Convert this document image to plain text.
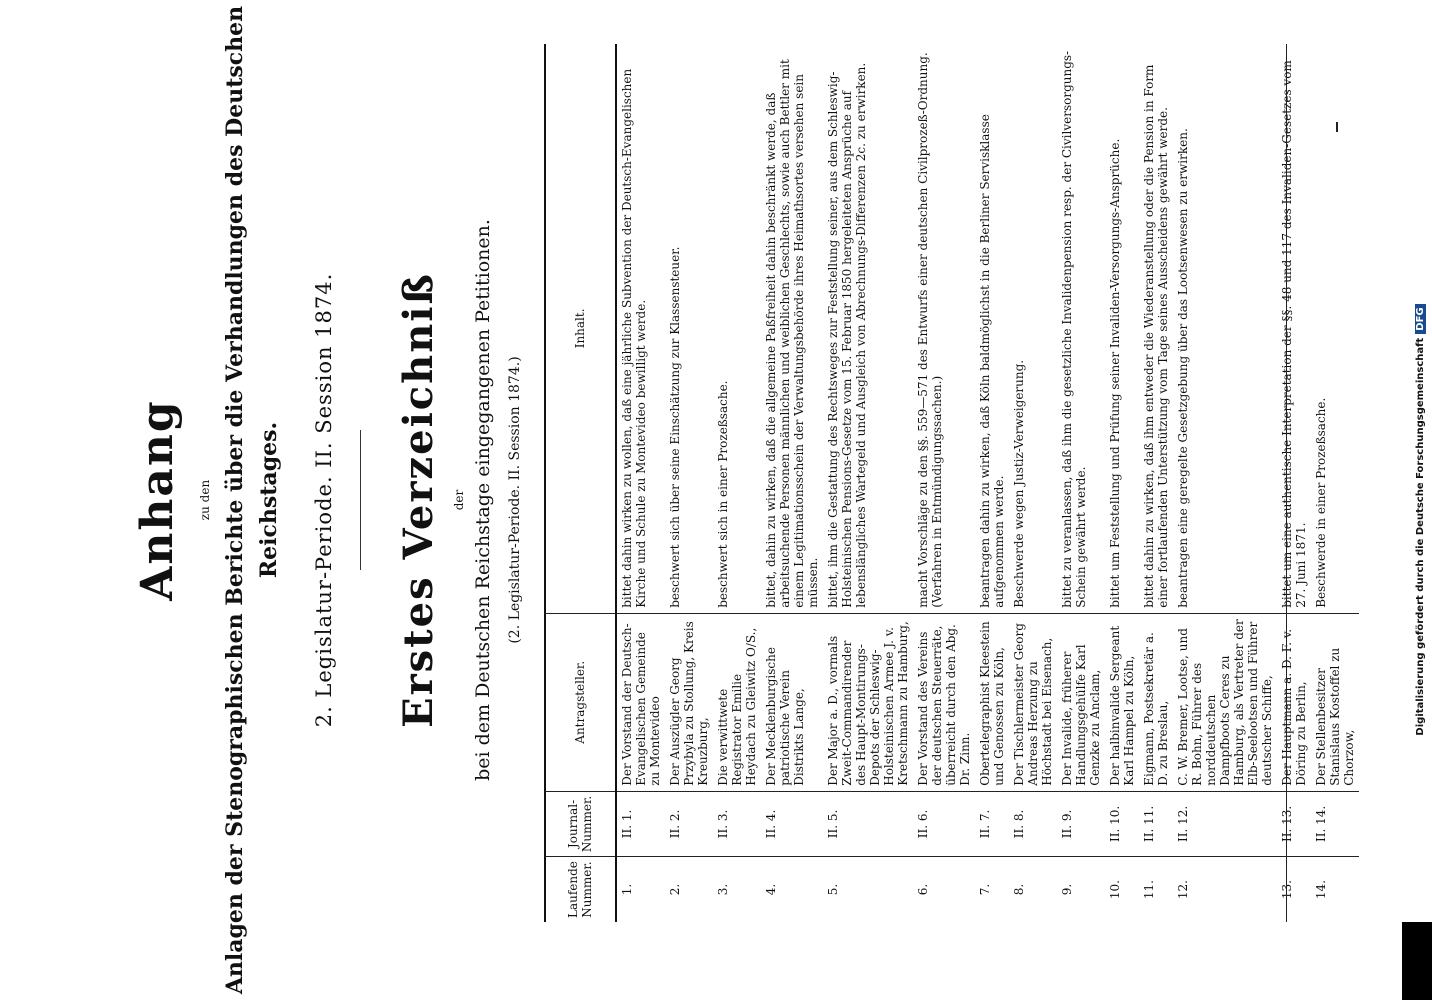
Anhang zu den Anlagen der Stenographischen Berichte über die Verhandlungen des Deutschen Reichstages. 2. Legislatur-Periode. II. Session 1874. Erstes Verzeichniß der bei dem Deutschen Reichstage eingegangenen Petitionen. (2. Legislatur-Periode. II. Session 1874.)
Laufende Nummer.	Journal-Nummer.	Antragsteller.	Inhalt.
1.	II. 1.	Der Vorstand der Deutsch-Evangelischen Gemeinde zu Montevideo	bittet dahin wirken zu wollen, daß eine jährliche Subvention der Deutsch-Evangelischen Kirche und Schule zu Montevideo bewilligt werde.
2.	II. 2.	Der Auszügler Georg Przybyla zu Stollung, Kreis Kreuzburg,	beschwert sich über seine Einschätzung zur Klassensteuer.
3.	II. 3.	Die verwittwete Registrator Emilie Heydach zu Gleiwitz O/S.,	beschwert sich in einer Prozeßsache.
4.	II. 4.	Der Mecklenburgische patriotische Verein Distrikts Lange,	bittet, dahin zu wirken, daß die allgemeine Paßfreiheit dahin beschränkt werde, daß arbeitsuchende Personen männlichen und weiblichen Geschlechts, sowie auch Bettler mit einem Legitimationsschein der Verwaltungsbehörde ihres Heimathsortes versehen sein müssen.
5.	II. 5.	Der Major a. D., vormals Zweit-Commandirender des Haupt-Montirungs-Depots der Schleswig-Holsteinischen Armee J. v. Kretschmann zu Hamburg,	bittet, ihm die Gestattung des Rechtsweges zur Feststellung seiner, aus dem Schleswig-Holsteinischen Pensions-Gesetze vom 15. Februar 1850 hergeleiteten Ansprüche auf lebenslängliches Wartegeld und Ausgleich von Abrechnungs-Differenzen 2c. zu erwirken.
6.	II. 6.	Der Vorstand des Vereins der deutschen Steuerräte, überreicht durch den Abg. Dr. Zinn.	macht Vorschläge zu den §§. 559—571 des Entwurfs einer deutschen Civilprozeß-Ordnung. (Verfahren in Entmündigungssachen.)
7.	II. 7.	Obertelegraphist Kleestein und Genossen zu Köln,	beantragen dahin zu wirken, daß Köln baldmöglichst in die Berliner Servisklasse aufgenommen werde.
8.	II. 8.	Der Tischlermeister Georg Andreas Herzung zu Höchstadt bei Eisenach,	Beschwerde wegen Justiz-Verweigerung.
9.	II. 9.	Der Invalide, früherer Handlungsgehülfe Karl Genzke zu Anclam,	bittet zu veranlassen, daß ihm die gesetzliche Invalidenpension resp. der Civilversorgungs-Schein gewährt werde.
10.	II. 10.	Der halbinvalide Sergeant Karl Hampel zu Köln,	bittet um Feststellung und Prüfung seiner Invaliden-Versorgungs-Ansprüche.
11.	II. 11.	Eigmann, Postsekretär a. D. zu Breslau,	bittet dahin zu wirken, daß ihm entweder die Wiederanstellung oder die Pension in Form einer fortlaufenden Unterstützung vom Tage seines Ausscheidens gewährt werde.
12.	II. 12.	C. W. Bremer, Lootse, und R. Bohn, Führer des norddeutschen Dampfboots Ceres zu Hamburg, als Vertreter der Elb-Seelootsen und Führer deutscher Schiffe,	beantragen eine geregelte Gesetzgebung über das Lootsenwesen zu erwirken.
13.	II. 13.	Der Hauptmann a. D. F. v. Döring zu Berlin,	bittet um eine authentische Interpretation der §§. 48 und 117 des Invaliden-Gesetzes vom 27. Juni 1871.
14.	II. 14.	Der Stellenbesitzer Stanislaus Kostoffel zu Chorzow,	Beschwerde in einer Prozeßsache.	Digitalisierung gefördert durch die Deutsche ForschungsgemeinschaftDFG
